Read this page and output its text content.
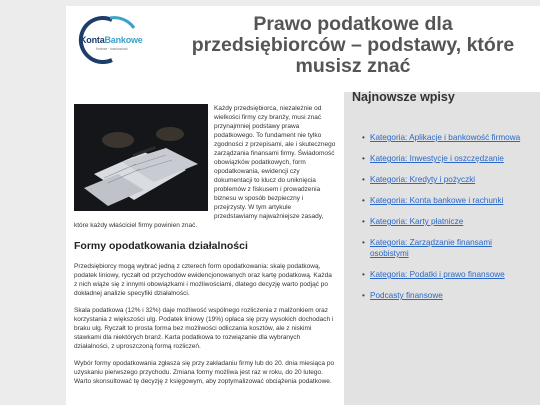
KontaBankowe
finanse · bankowość
Prawo podatkowe dla przedsiębiorców – podstawy, które musisz znać

Każdy przedsiębiorca, niezależnie od wielkości firmy czy branży, musi znać przynajmniej podstawy prawa podatkowego. To fundament nie tylko zgodności z przepisami, ale i skutecznego zarządzania finansami firmy. Świadomość obowiązków podatkowych, form opodatkowania, ewidencji czy dokumentacji to klucz do uniknięcia problemów z fiskusem i prowadzenia biznesu w sposób bezpieczny i przejrzysty. W tym artykule przedstawiamy najważniejsze zasady, które każdy właściciel firmy powinien znać.

Formy opodatkowania działalności

Przedsiębiorcy mogą wybrać jedną z czterech form opodatkowania: skalę podatkową, podatek liniowy, ryczałt od przychodów ewidencjonowanych oraz kartę podatkową. Każda z nich wiąże się z innymi obowiązkami i możliwościami, dlatego decyzję warto podjąć po dokładnej analizie specyfiki działalności.

Skala podatkowa (12% i 32%) daje możliwość wspólnego rozliczenia z małżonkiem oraz korzystania z większości ulg. Podatek liniowy (19%) opłaca się przy wysokich dochodach i braku ulg. Ryczałt to prosta forma bez możliwości odliczania kosztów, ale z niskimi stawkami dla niektórych branż. Karta podatkowa to rozwiązanie dla wybranych działalności, z uproszczoną formą rozliczeń.

Wybór formy opodatkowania zgłasza się przy zakładaniu firmy lub do 20. dnia miesiąca po uzyskaniu pierwszego przychodu. Zmiana formy możliwa jest raz w roku, do 20 lutego. Warto skonsultować tę decyzję z księgowym, aby zoptymalizować obciążenia podatkowe.

Najnowsze wpisy
• Kategoria: Aplikacje i bankowość firmowa
• Kategoria: Inwestycje i oszczędzanie
• Kategoria: Kredyty i pożyczki
• Kategoria: Konta bankowe i rachunki
• Kategoria: Karty płatnicze
• Kategoria: Zarządzanie finansami osobistymi
• Kategoria: Podatki i prawo finansowe
• Podcasty finansowe
